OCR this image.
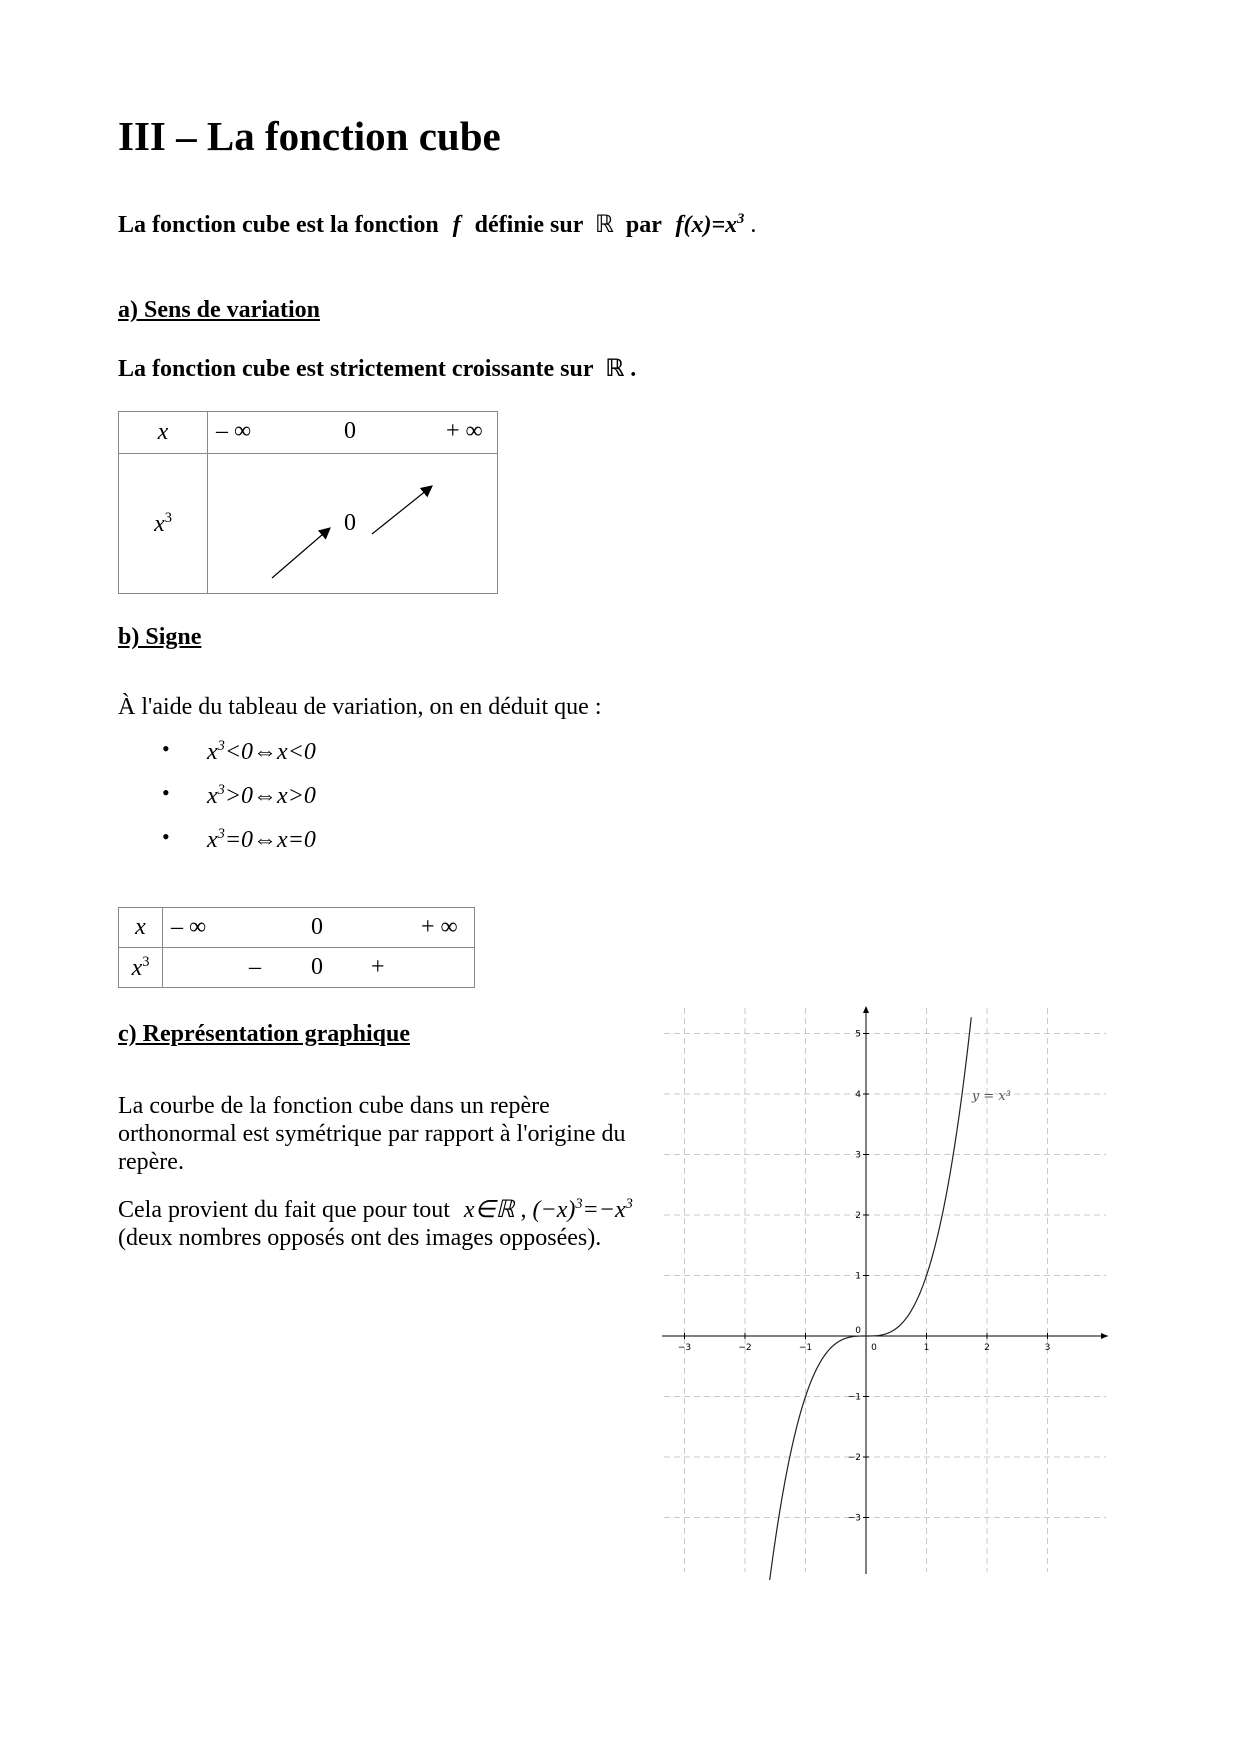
III – La fonction cube
La fonction cube est la fonction f définie sur ℝ par $f(x)=x^3$ .
a) Sens de variation
La fonction cube est strictement croissante sur ℝ .
x	– ∞ 0 + ∞

$x^3$	0
b) Signe
À l'aide du tableau de variation, on en déduit que :
• $x^3<0\Leftrightarrow x<0$
• $x^3>0\Leftrightarrow x>0$
• $x^3=0\Leftrightarrow x=0$
x	– ∞ 0 + ∞

$x^3$	– 0 +
c) Représentation graphique
La courbe de la fonction cube dans un repère orthonormal est symétrique par rapport à l'origine du repère.
Cela provient du fait que pour tout x∈ℝ , $(-x)^3=-x^3$ (deux nombres opposés ont des images opposées).
−3	−2	−1	0	1	2	3
−3
−2
−1
0
1
2
3
4
5
y = x³
